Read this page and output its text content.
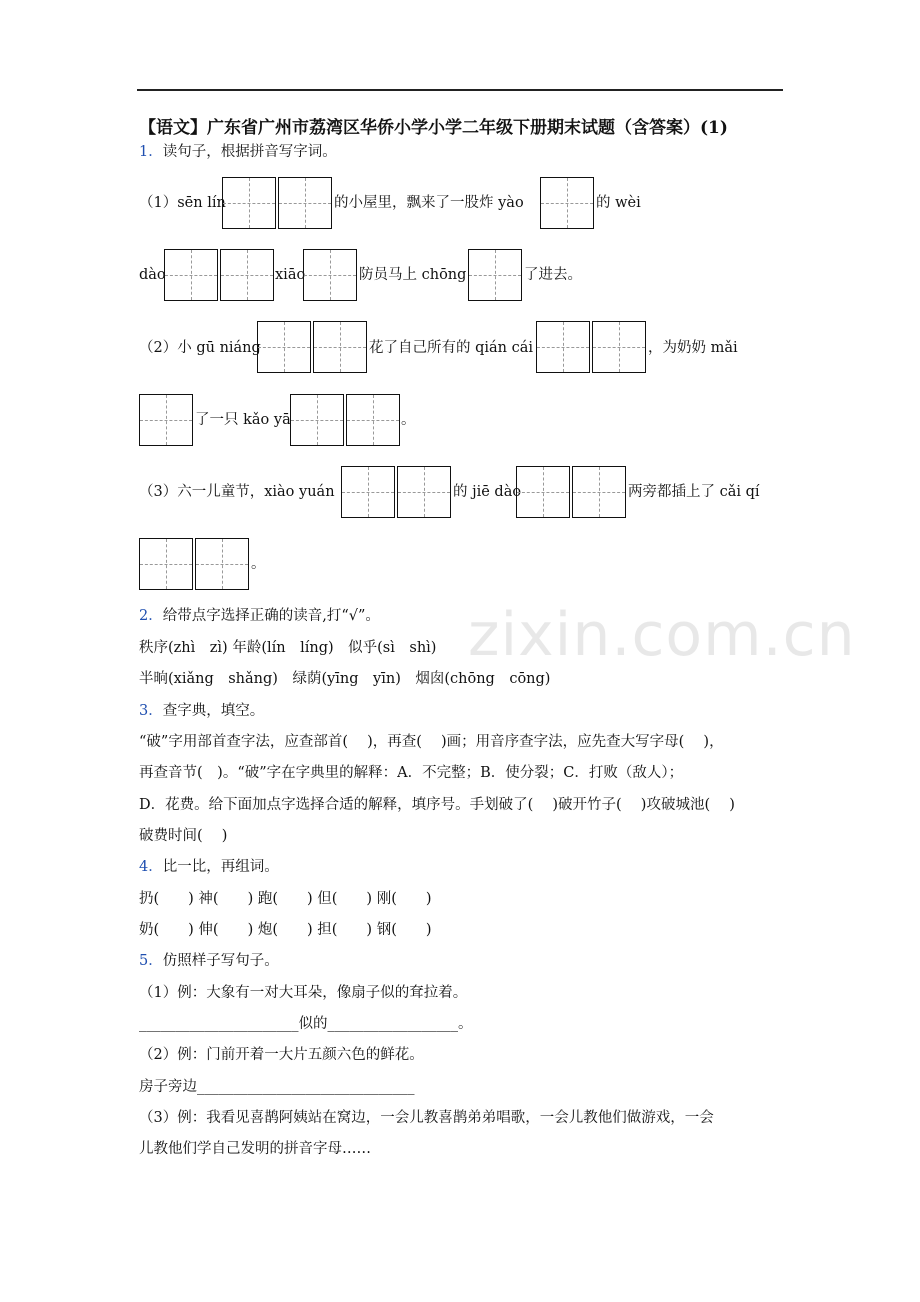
【语文】广东省广州市荔湾区华侨小学小学二年级下册期末试题（含答案）(1)
zixin.com.cn
1．读句子，根据拼音写字词。
（1）sēn lín	的小屋里，飘来了一股炸 yào	的 wèi
dào	xiāo	防员马上 chōng	了进去。
（2）小 gū niáng	花了自己所有的 qián cái	，为奶奶 mǎi
了一只 kǎo yā	。
（3）六一儿童节，xiào yuán	的 jiē dào	两旁都插上了 cǎi qí
。
2．给带点字选择正确的读音,打“√”。
秩序(zhì　zì) 年龄(lín　líng)　似乎(sì　shì)
半晌(xiǎng　shǎng)　绿荫(yīng　yīn)　烟囱(chōng　cōng)
3．查字典，填空。
“破”字用部首查字法，应查部首(　 )，再查(　 )画；用音序查字法，应先查大写字母(　 )，
再查音节(　)。“破”字在字典里的解释：A．不完整；B．使分裂；C．打败（敌人）；
D．花费。给下面加点字选择合适的解释，填序号。手划破了(　 )破开竹子(　 )攻破城池(　 )
破费时间(　 )
4．比一比，再组词。
扔(　　) 神(　　) 跑(　　) 但(　　) 刚(　　)
奶(　　) 伸(　　) 炮(　　) 担(　　) 钢(　　)
5．仿照样子写句子。
（1）例：大象有一对大耳朵，像扇子似的耷拉着。
______________________似的__________________。
（2）例：门前开着一大片五颜六色的鲜花。
房子旁边______________________________
（3）例：我看见喜鹊阿姨站在窝边，一会儿教喜鹊弟弟唱歌，一会儿教他们做游戏，一会
儿教他们学自己发明的拼音字母……
